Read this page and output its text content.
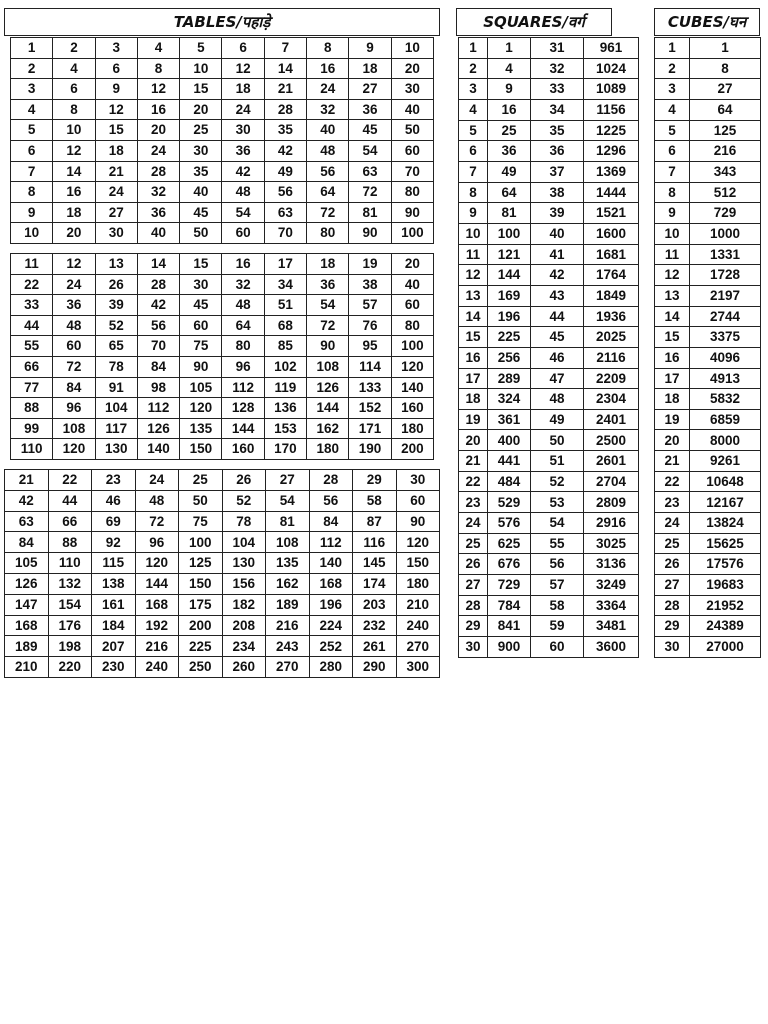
TABLES/पहाड़े
1	2	3	4	5	6	7	8	9	10
2	4	6	8	10	12	14	16	18	20
3	6	9	12	15	18	21	24	27	30
4	8	12	16	20	24	28	32	36	40
5	10	15	20	25	30	35	40	45	50
6	12	18	24	30	36	42	48	54	60
7	14	21	28	35	42	49	56	63	70
8	16	24	32	40	48	56	64	72	80
9	18	27	36	45	54	63	72	81	90
10	20	30	40	50	60	70	80	90	100
11	12	13	14	15	16	17	18	19	20
22	24	26	28	30	32	34	36	38	40
33	36	39	42	45	48	51	54	57	60
44	48	52	56	60	64	68	72	76	80
55	60	65	70	75	80	85	90	95	100
66	72	78	84	90	96	102	108	114	120
77	84	91	98	105	112	119	126	133	140
88	96	104	112	120	128	136	144	152	160
99	108	117	126	135	144	153	162	171	180
110	120	130	140	150	160	170	180	190	200
21	22	23	24	25	26	27	28	29	30
42	44	46	48	50	52	54	56	58	60
63	66	69	72	75	78	81	84	87	90
84	88	92	96	100	104	108	112	116	120
105	110	115	120	125	130	135	140	145	150
126	132	138	144	150	156	162	168	174	180
147	154	161	168	175	182	189	196	203	210
168	176	184	192	200	208	216	224	232	240
189	198	207	216	225	234	243	252	261	270
210	220	230	240	250	260	270	280	290	300
SQUARES/वर्ग
1	1	31	961
2	4	32	1024
3	9	33	1089
4	16	34	1156
5	25	35	1225
6	36	36	1296
7	49	37	1369
8	64	38	1444
9	81	39	1521
10	100	40	1600
11	121	41	1681
12	144	42	1764
13	169	43	1849
14	196	44	1936
15	225	45	2025
16	256	46	2116
17	289	47	2209
18	324	48	2304
19	361	49	2401
20	400	50	2500
21	441	51	2601
22	484	52	2704
23	529	53	2809
24	576	54	2916
25	625	55	3025
26	676	56	3136
27	729	57	3249
28	784	58	3364
29	841	59	3481
30	900	60	3600
CUBES/घन
1	1
2	8
3	27
4	64
5	125
6	216
7	343
8	512
9	729
10	1000
11	1331
12	1728
13	2197
14	2744
15	3375
16	4096
17	4913
18	5832
19	6859
20	8000
21	9261
22	10648
23	12167
24	13824
25	15625
26	17576
27	19683
28	21952
29	24389
30	27000
